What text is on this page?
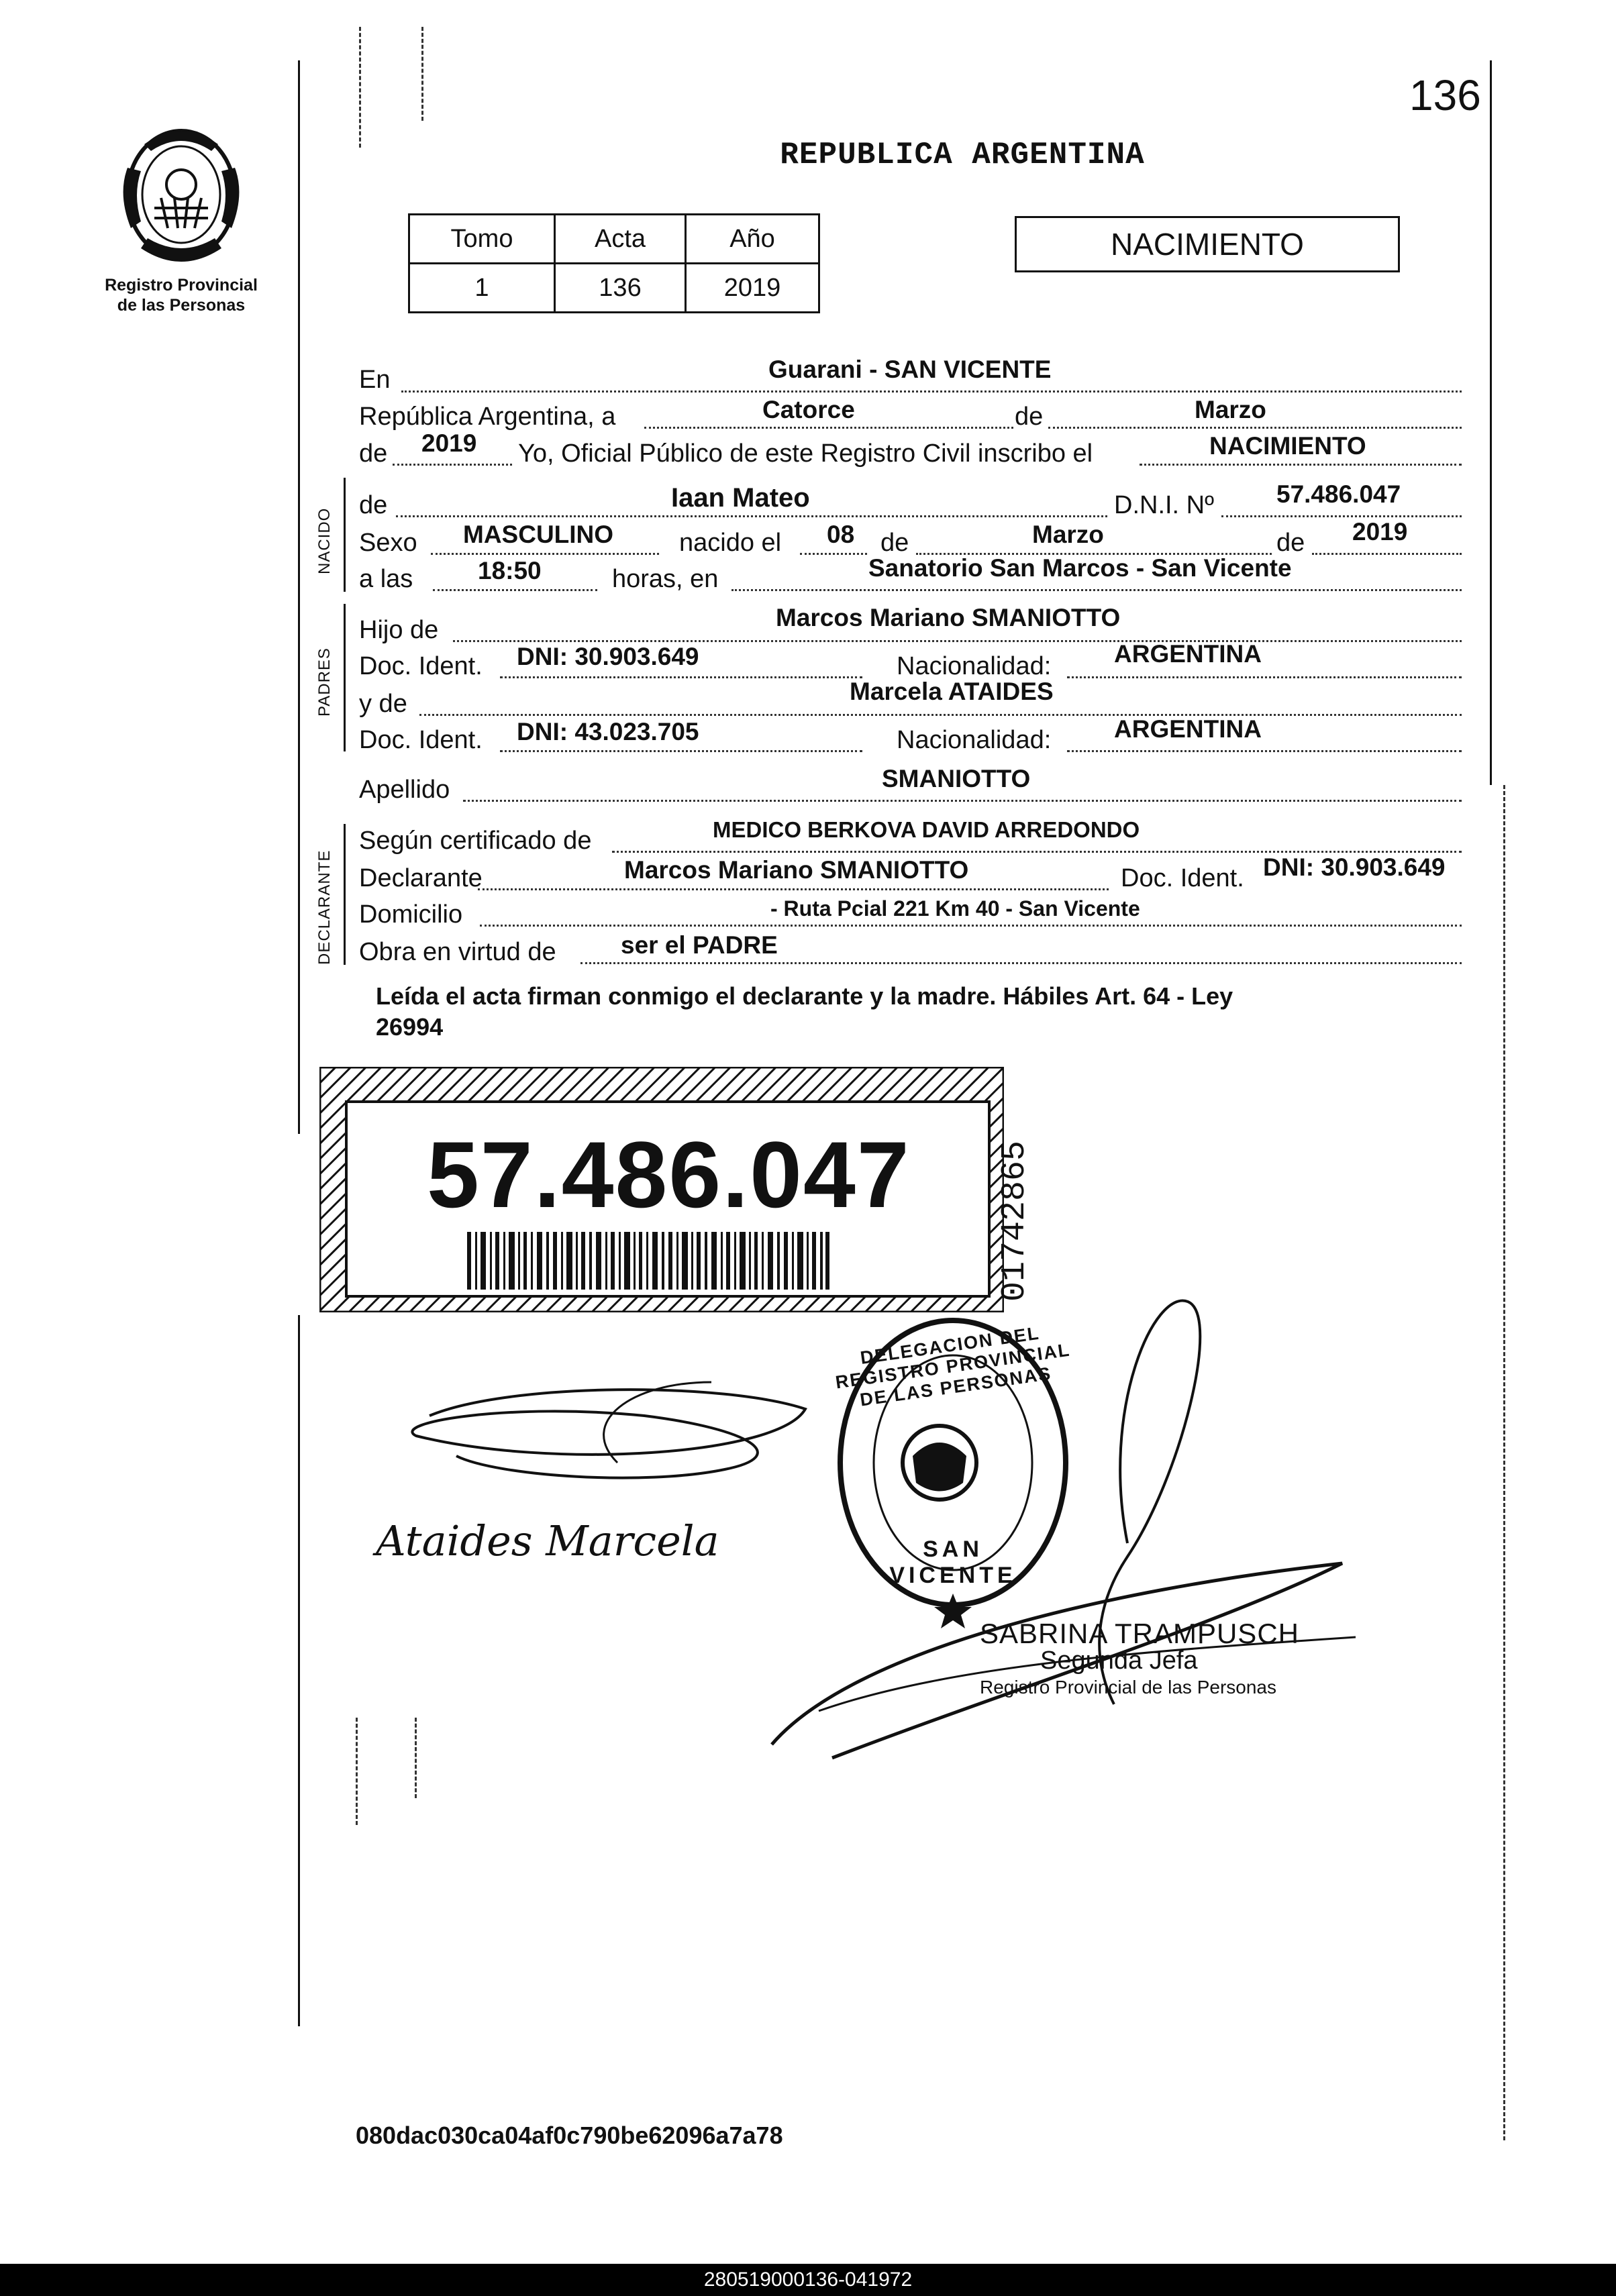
136
REPUBLICA ARGENTINA
Registro Provincial
de las Personas
Tomo	Acta	Año
1	136	2019
NACIMIENTO
NACIDO
PADRES
DECLARANTE
En	Guarani - SAN VICENTE
República Argentina, a	Catorce	de	Marzo
de 2019 Yo, Oficial Público de este Registro Civil inscribo el	NACIMIENTO
de	Iaan Mateo	D.N.I. Nº	57.486.047
Sexo MASCULINO	nacido el 08 de	Marzo	de 2019
a las	18:50	horas, en	Sanatorio San Marcos - San Vicente
Hijo de	Marcos Mariano SMANIOTTO
Doc. Ident. DNI: 30.903.649	Nacionalidad:	ARGENTINA
y de	Marcela ATAIDES
Doc. Ident. DNI: 43.023.705	Nacionalidad:	ARGENTINA
Apellido	SMANIOTTO
Según certificado de	MEDICO BERKOVA DAVID ARREDONDO
Declarante	Marcos Mariano SMANIOTTO	Doc. Ident. DNI: 30.903.649
Domicilio	- Ruta Pcial 221 Km 40 - San Vicente
Obra en virtud de	ser el PADRE
Leída el acta firman conmigo el declarante y la madre. Hábiles Art. 64 - Ley
26994
57.486.047	01742865
Ataides Marcela
DELEGACION DEL REGISTRO PROVINCIAL DE LAS PERSONAS
SAN VICENTE
SABRINA TRAMPUSCH
Segunda Jefa
Registro Provincial de las Personas
080dac030ca04af0c790be62096a7a78
280519000136-041972
